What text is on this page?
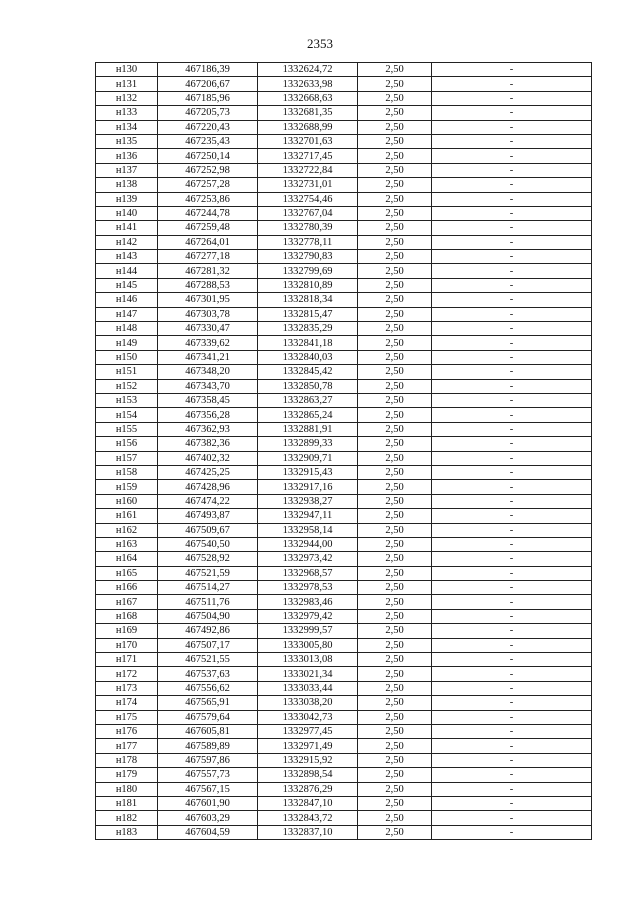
2353
н130	467186,39	1332624,72	2,50	-
н131	467206,67	1332633,98	2,50	-
н132	467185,96	1332668,63	2,50	-
н133	467205,73	1332681,35	2,50	-
н134	467220,43	1332688,99	2,50	-
н135	467235,43	1332701,63	2,50	-
н136	467250,14	1332717,45	2,50	-
н137	467252,98	1332722,84	2,50	-
н138	467257,28	1332731,01	2,50	-
н139	467253,86	1332754,46	2,50	-
н140	467244,78	1332767,04	2,50	-
н141	467259,48	1332780,39	2,50	-
н142	467264,01	1332778,11	2,50	-
н143	467277,18	1332790,83	2,50	-
н144	467281,32	1332799,69	2,50	-
н145	467288,53	1332810,89	2,50	-
н146	467301,95	1332818,34	2,50	-
н147	467303,78	1332815,47	2,50	-
н148	467330,47	1332835,29	2,50	-
н149	467339,62	1332841,18	2,50	-
н150	467341,21	1332840,03	2,50	-
н151	467348,20	1332845,42	2,50	-
н152	467343,70	1332850,78	2,50	-
н153	467358,45	1332863,27	2,50	-
н154	467356,28	1332865,24	2,50	-
н155	467362,93	1332881,91	2,50	-
н156	467382,36	1332899,33	2,50	-
н157	467402,32	1332909,71	2,50	-
н158	467425,25	1332915,43	2,50	-
н159	467428,96	1332917,16	2,50	-
н160	467474,22	1332938,27	2,50	-
н161	467493,87	1332947,11	2,50	-
н162	467509,67	1332958,14	2,50	-
н163	467540,50	1332944,00	2,50	-
н164	467528,92	1332973,42	2,50	-
н165	467521,59	1332968,57	2,50	-
н166	467514,27	1332978,53	2,50	-
н167	467511,76	1332983,46	2,50	-
н168	467504,90	1332979,42	2,50	-
н169	467492,86	1332999,57	2,50	-
н170	467507,17	1333005,80	2,50	-
н171	467521,55	1333013,08	2,50	-
н172	467537,63	1333021,34	2,50	-
н173	467556,62	1333033,44	2,50	-
н174	467565,91	1333038,20	2,50	-
н175	467579,64	1333042,73	2,50	-
н176	467605,81	1332977,45	2,50	-
н177	467589,89	1332971,49	2,50	-
н178	467597,86	1332915,92	2,50	-
н179	467557,73	1332898,54	2,50	-
н180	467567,15	1332876,29	2,50	-
н181	467601,90	1332847,10	2,50	-
н182	467603,29	1332843,72	2,50	-
н183	467604,59	1332837,10	2,50	-
